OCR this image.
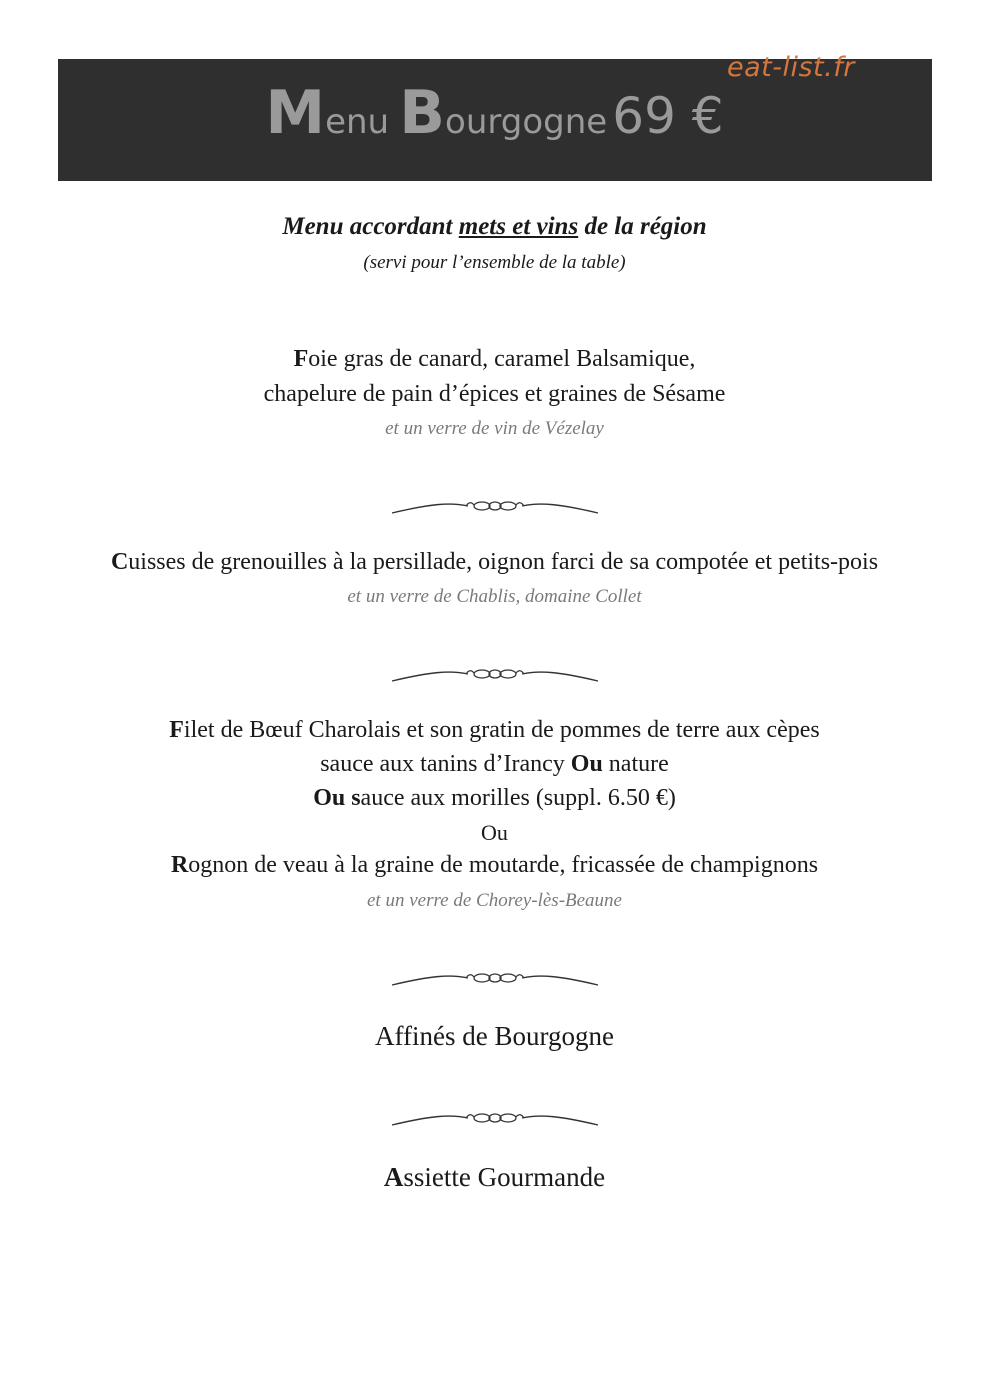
eat-list.fr
Menu Bourgogne 69 €
Menu accordant mets et vins de la région
(servi pour l’ensemble de la table)
Foie gras de canard, caramel Balsamique,
chapelure de pain d’épices et graines de Sésame
et un verre de vin de Vézelay
Cuisses de grenouilles à la persillade, oignon farci de sa compotée et petits-pois
et un verre de Chablis, domaine Collet
Filet de Bœuf Charolais et son gratin de pommes de terre aux cèpes
sauce aux tanins d’Irancy Ou nature
Ou sauce aux morilles (suppl. 6.50 €)
Ou
Rognon de veau à la graine de moutarde, fricassée de champignons
et un verre de Chorey-lès-Beaune
Affinés de Bourgogne
Assiette Gourmande
